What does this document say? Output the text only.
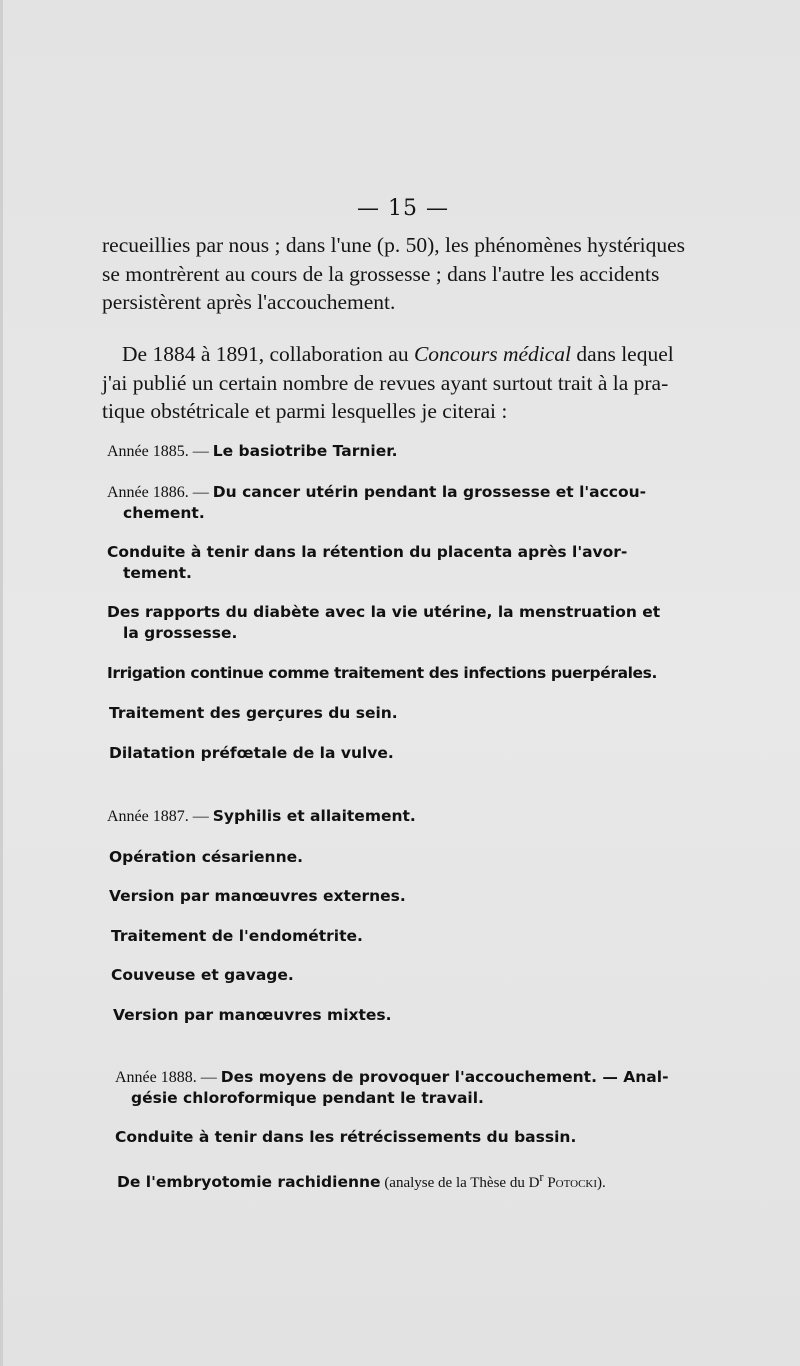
— 15 —
recueillies par nous ; dans l'une (p. 50), les phénomènes hystériques
se montrèrent au cours de la grossesse ; dans l'autre les accidents
persistèrent après l'accouchement.
De 1884 à 1891, collaboration au Concours médical dans lequel
j'ai publié un certain nombre de revues ayant surtout trait à la pra-
tique obstétricale et parmi lesquelles je citerai :
Année 1885. — Le basiotribe Tarnier.
Année 1886. — Du cancer utérin pendant la grossesse et l'accou-
chement.
Conduite à tenir dans la rétention du placenta après l'avor-
tement.
Des rapports du diabète avec la vie utérine, la menstruation et
la grossesse.
Irrigation continue comme traitement des infections puerpérales.
Traitement des gerçures du sein.
Dilatation préfœtale de la vulve.
Année 1887. — Syphilis et allaitement.
Opération césarienne.
Version par manœuvres externes.
Traitement de l'endométrite.
Couveuse et gavage.
Version par manœuvres mixtes.
Année 1888. — Des moyens de provoquer l'accouchement. — Anal-
gésie chloroformique pendant le travail.
Conduite à tenir dans les rétrécissements du bassin.
De l'embryotomie rachidienne (analyse de la Thèse du $D^r$ Potocki).
